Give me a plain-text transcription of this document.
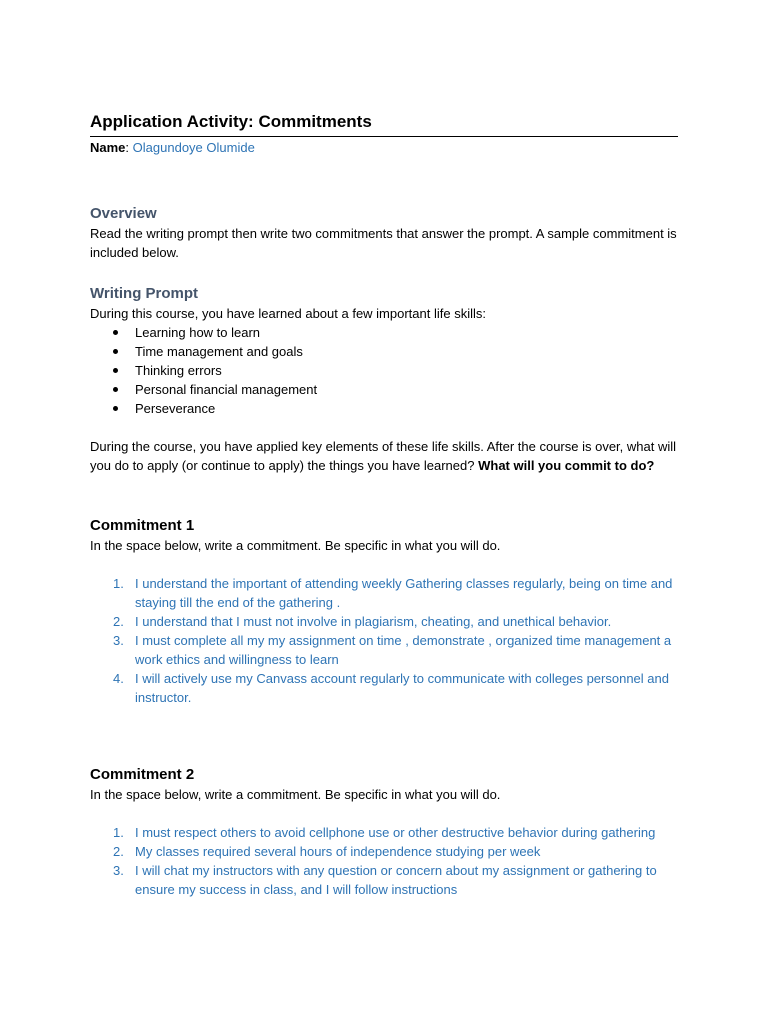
Application Activity: Commitments
Name: Olagundoye Olumide
Overview

Read the writing prompt then write two commitments that answer the prompt. A sample commitment is included below.

Writing Prompt

During this course, you have learned about a few important life skills:

Learning how to learn
Time management and goals
Thinking errors
Personal financial management
Perseverance

During the course, you have applied key elements of these life skills. After the course is over, what will you do to apply (or continue to apply) the things you have learned? What will you commit to do?

Commitment 1

In the space below, write a commitment. Be specific in what you will do.

1. I understand the important of attending weekly Gathering classes regularly, being on time and staying till the end of the gathering .
2. I understand that I must not involve in plagiarism, cheating, and unethical behavior.
3. I must complete all my my assignment on time , demonstrate , organized time management a work ethics and willingness to learn
4. I will actively use my Canvass account regularly to communicate with colleges personnel and instructor.
Commitment 2

In the space below, write a commitment. Be specific in what you will do.

1. I must respect others to avoid cellphone use or other destructive behavior during gathering
2. My classes required several hours of independence studying per week
3. I will chat my instructors with any question or concern about my assignment or gathering to ensure my success in class, and I will follow instructions
